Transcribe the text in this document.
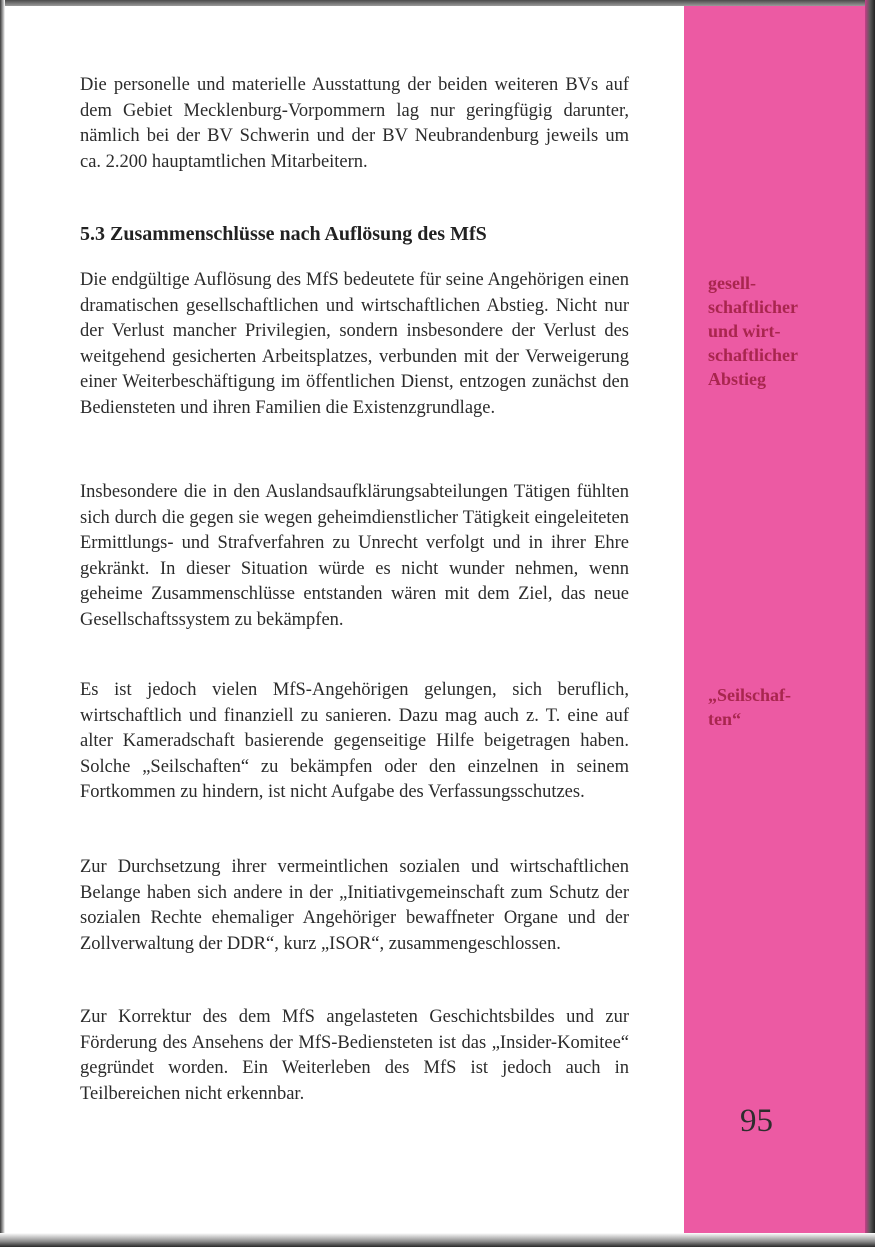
Die personelle und materielle Ausstattung der beiden weiteren BVs auf dem Gebiet Mecklenburg-Vorpommern lag nur geringfügig darunter, nämlich bei der BV Schwerin und der BV Neubrandenburg jeweils um ca. 2.200 hauptamtlichen Mitarbeitern.

5.3 Zusammenschlüsse nach Auflösung des MfS

Die endgültige Auflösung des MfS bedeutete für seine Angehörigen einen dramatischen gesellschaftlichen und wirtschaftlichen Abstieg. Nicht nur der Verlust mancher Privilegien, sondern insbesondere der Verlust des weitgehend gesicherten Arbeitsplatzes, verbunden mit der Verweigerung einer Weiterbeschäftigung im öffentlichen Dienst, entzogen zunächst den Bediensteten und ihren Familien die Existenzgrundlage.

Insbesondere die in den Auslandsaufklärungsabteilungen Tätigen fühlten sich durch die gegen sie wegen geheimdienstlicher Tätigkeit eingeleiteten Ermittlungs- und Strafverfahren zu Unrecht verfolgt und in ihrer Ehre gekränkt. In dieser Situation würde es nicht wunder nehmen, wenn geheime Zusammenschlüsse entstanden wären mit dem Ziel, das neue Gesellschaftssystem zu bekämpfen.

Es ist jedoch vielen MfS-Angehörigen gelungen, sich beruflich, wirtschaftlich und finanziell zu sanieren. Dazu mag auch z. T. eine auf alter Kameradschaft basierende gegenseitige Hilfe beigetragen haben. Solche „Seilschaften“ zu bekämpfen oder den einzelnen in seinem Fortkommen zu hindern, ist nicht Aufgabe des Verfassungsschutzes.

Zur Durchsetzung ihrer vermeintlichen sozialen und wirtschaftlichen Belange haben sich andere in der „Initiativgemeinschaft zum Schutz der sozialen Rechte ehemaliger Angehöriger bewaffneter Organe und der Zollverwaltung der DDR“, kurz „ISOR“, zusammengeschlossen.

Zur Korrektur des dem MfS angelasteten Geschichtsbildes und zur Förderung des Ansehens der MfS-Bediensteten ist das „Insider-Komitee“ gegründet worden. Ein Weiterleben des MfS ist jedoch auch in Teilbereichen nicht erkennbar.

gesell-
schaftlicher
und wirt-
schaftlicher
Abstieg
„Seilschaf-
ten“
95
